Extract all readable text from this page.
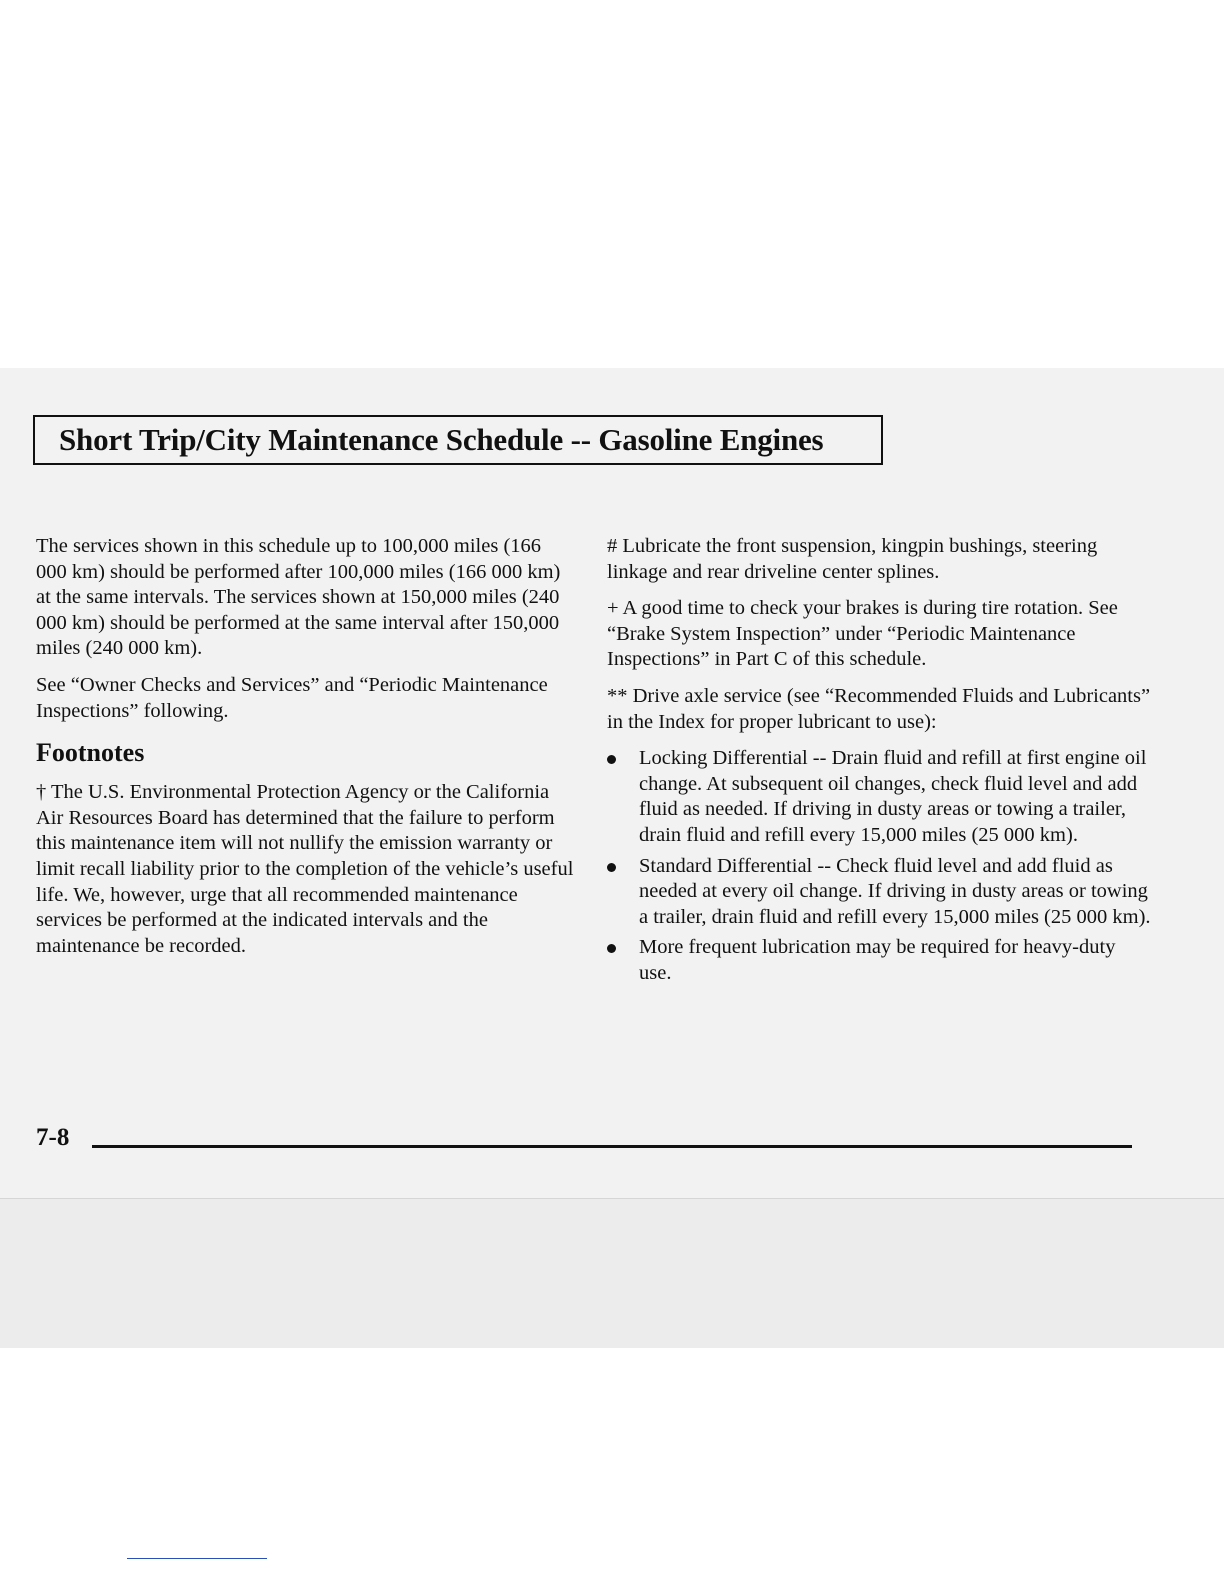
Short Trip/City Maintenance Schedule -- Gasoline Engines

The services shown in this schedule up to 100,000 miles (166 000 km) should be performed after 100,000 miles (166 000 km) at the same intervals. The services shown at 150,000 miles (240 000 km) should be performed at the same interval after 150,000 miles (240 000 km).

See “Owner Checks and Services” and “Periodic Maintenance Inspections” following.

Footnotes

† The U.S. Environmental Protection Agency or the California Air Resources Board has determined that the failure to perform this maintenance item will not nullify the emission warranty or limit recall liability prior to the completion of the vehicle’s useful life. We, however, urge that all recommended maintenance services be performed at the indicated intervals and the maintenance be recorded.

# Lubricate the front suspension, kingpin bushings, steering linkage and rear driveline center splines.

+ A good time to check your brakes is during tire rotation. See “Brake System Inspection” under “Periodic Maintenance Inspections” in Part C of this schedule.

** Drive axle service (see “Recommended Fluids and Lubricants” in the Index for proper lubricant to use):

Locking Differential -- Drain fluid and refill at first engine oil change. At subsequent oil changes, check fluid level and add fluid as needed. If driving in dusty areas or towing a trailer, drain fluid and refill every 15,000 miles (25 000 km).
Standard Differential -- Check fluid level and add fluid as needed at every oil change. If driving in dusty areas or towing a trailer, drain fluid and refill every 15,000 miles (25 000 km).
More frequent lubrication may be required for heavy-duty use.

7-8
